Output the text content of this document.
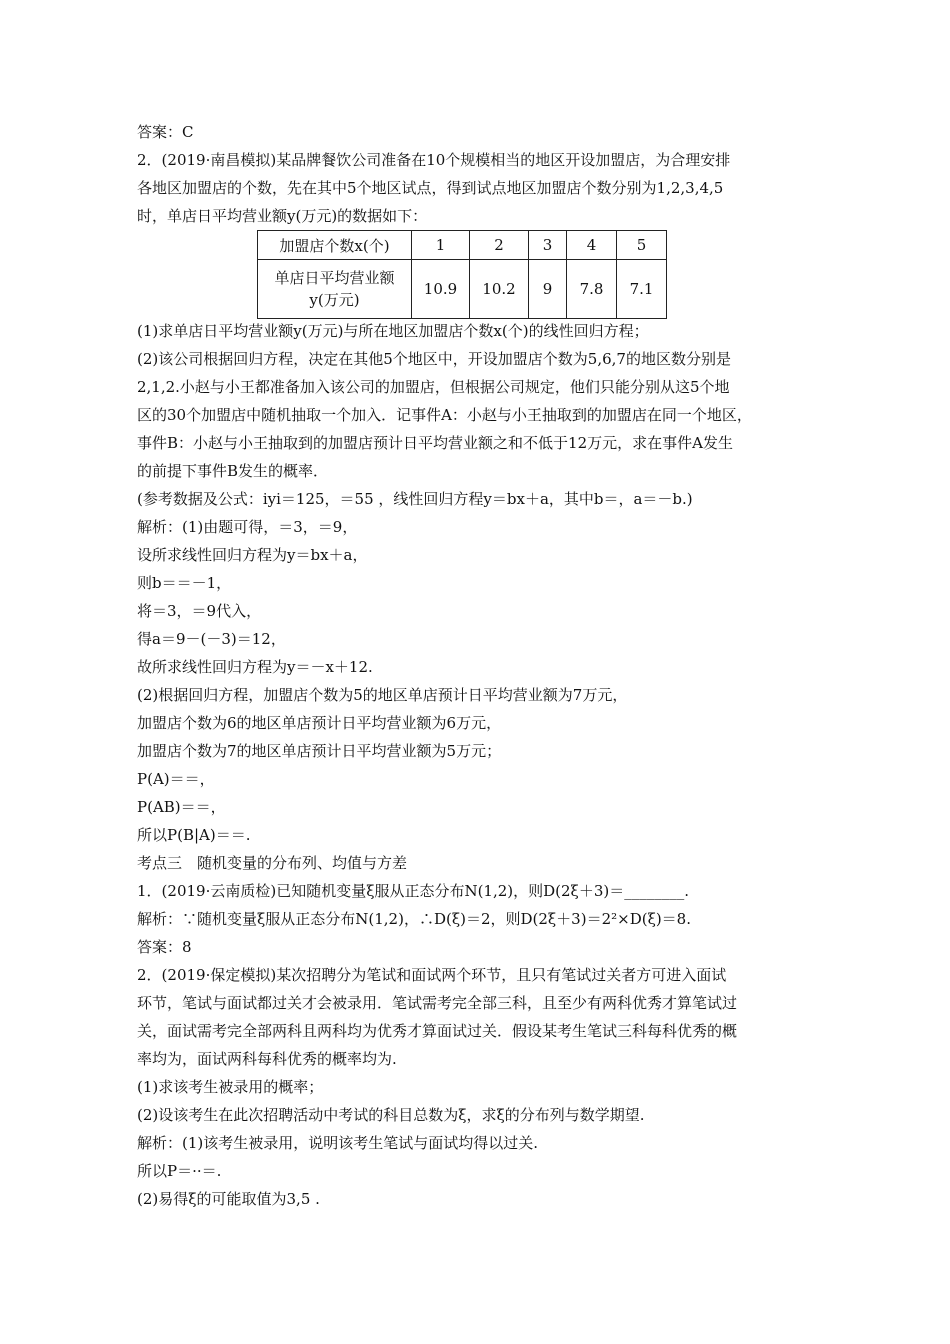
答案：C
2．(2019·南昌模拟)某品牌餐饮公司准备在10个规模相当的地区开设加盟店，为合理安排
各地区加盟店的个数，先在其中5个地区试点，得到试点地区加盟店个数分别为1,2,3,4,5
时，单店日平均营业额y(万元)的数据如下：
加盟店个数x(个)	1	2	3	4	5

单店日平均营业额
y(万元)	10.9	10.2	9	7.8	7.1
(1)求单店日平均营业额y(万元)与所在地区加盟店个数x(个)的线性回归方程；
(2)该公司根据回归方程，决定在其他5个地区中，开设加盟店个数为5,6,7的地区数分别是
2,1,2.小赵与小王都准备加入该公司的加盟店，但根据公司规定，他们只能分别从这5个地
区的30个加盟店中随机抽取一个加入．记事件A：小赵与小王抽取到的加盟店在同一个地区，
事件B：小赵与小王抽取到的加盟店预计日平均营业额之和不低于12万元，求在事件A发生
的前提下事件B发生的概率．
(参考数据及公式：iyi＝125，＝55 ，线性回归方程y＝bx＋a，其中b＝，a＝－b.)
解析：(1)由题可得，＝3，＝9，
设所求线性回归方程为y＝bx＋a，
则b＝＝－1，
将＝3，＝9代入，
得a＝9－(－3)＝12，
故所求线性回归方程为y＝－x＋12.
(2)根据回归方程，加盟店个数为5的地区单店预计日平均营业额为7万元，
加盟店个数为6的地区单店预计日平均营业额为6万元，
加盟店个数为7的地区单店预计日平均营业额为5万元；
P(A)＝＝，
P(AB)＝＝，
所以P(B|A)＝＝.
考点三　随机变量的分布列、均值与方差
1．(2019·云南质检)已知随机变量ξ服从正态分布N(1,2)，则D(2ξ＋3)＝________.
解析：∵随机变量ξ服从正态分布N(1,2)，∴D(ξ)＝2，则D(2ξ＋3)＝2²×D(ξ)＝8.
答案：8
2．(2019·保定模拟)某次招聘分为笔试和面试两个环节，且只有笔试过关者方可进入面试
环节，笔试与面试都过关才会被录用．笔试需考完全部三科，且至少有两科优秀才算笔试过
关，面试需考完全部两科且两科均为优秀才算面试过关．假设某考生笔试三科每科优秀的概
率均为，面试两科每科优秀的概率均为.
(1)求该考生被录用的概率；
(2)设该考生在此次招聘活动中考试的科目总数为ξ，求ξ的分布列与数学期望.
解析：(1)该考生被录用，说明该考生笔试与面试均得以过关.
所以P＝··＝.
(2)易得ξ的可能取值为3,5 .
